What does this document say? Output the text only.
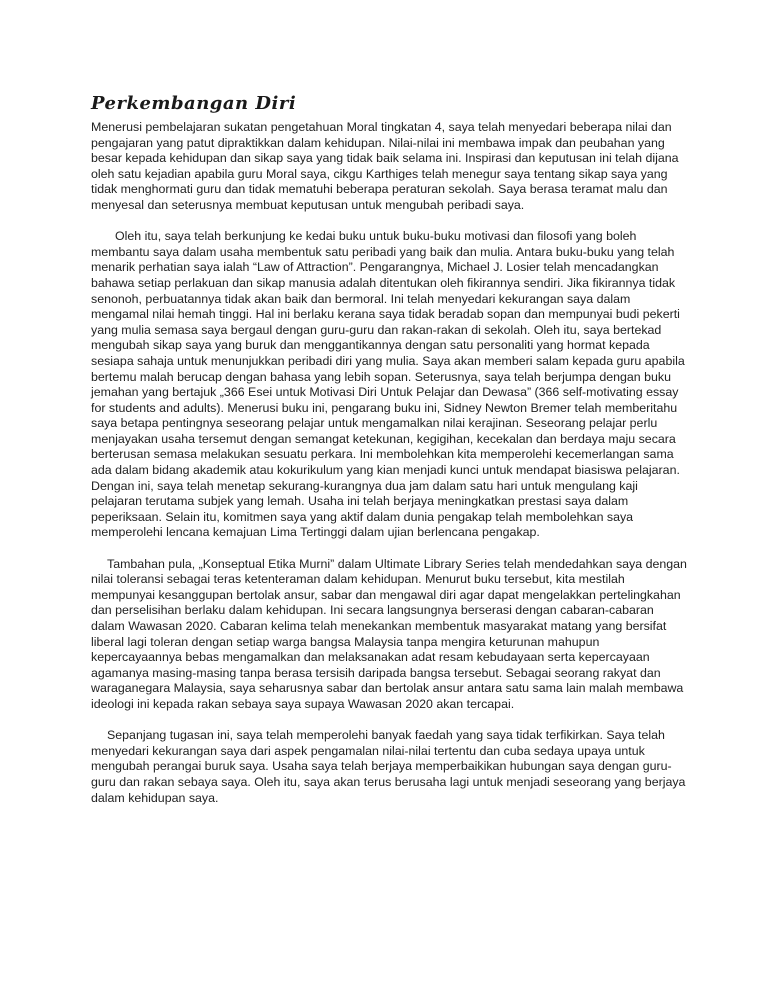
Perkembangan Diri

Menerusi pembelajaran sukatan pengetahuan Moral tingkatan 4, saya telah menyedari beberapa nilai dan pengajaran yang patut dipraktikkan dalam kehidupan. Nilai-nilai ini membawa impak dan peubahan yang besar kepada kehidupan dan sikap saya yang tidak baik selama ini. Inspirasi dan keputusan ini telah dijana oleh satu kejadian apabila guru Moral saya, cikgu Karthiges telah menegur saya tentang sikap saya yang tidak menghormati guru dan tidak mematuhi beberapa peraturan sekolah. Saya berasa teramat malu dan menyesal dan seterusnya membuat keputusan untuk mengubah peribadi saya.

Oleh itu, saya telah berkunjung ke kedai buku untuk buku-buku motivasi dan filosofi yang boleh membantu saya dalam usaha membentuk satu peribadi yang baik dan mulia. Antara buku-buku yang telah menarik perhatian saya ialah “Law of Attraction”. Pengarangnya, Michael J. Losier telah mencadangkan bahawa setiap perlakuan dan sikap manusia adalah ditentukan oleh fikirannya sendiri. Jika fikirannya tidak senonoh, perbuatannya tidak akan baik dan bermoral. Ini telah menyedari kekurangan saya dalam mengamal nilai hemah tinggi. Hal ini berlaku kerana saya tidak beradab sopan dan mempunyai budi pekerti yang mulia semasa saya bergaul dengan guru-guru dan rakan-rakan di sekolah. Oleh itu, saya bertekad mengubah sikap saya yang buruk dan menggantikannya dengan satu personaliti yang hormat kepada sesiapa sahaja untuk menunjukkan peribadi diri yang mulia. Saya akan memberi salam kepada guru apabila bertemu malah berucap dengan bahasa yang lebih sopan. Seterusnya, saya telah berjumpa dengan buku jemahan yang bertajuk „366 Esei untuk Motivasi Diri Untuk Pelajar dan Dewasa” (366 self-motivating essay for students and adults). Menerusi buku ini, pengarang buku ini, Sidney Newton Bremer telah memberitahu saya betapa pentingnya seseorang pelajar untuk mengamalkan nilai kerajinan. Seseorang pelajar perlu menjayakan usaha tersemut dengan semangat ketekunan, kegigihan, kecekalan dan berdaya maju secara berterusan semasa melakukan sesuatu perkara. Ini membolehkan kita memperolehi kecemerlangan sama ada dalam bidang akademik atau kokurikulum yang kian menjadi kunci untuk mendapat biasiswa pelajaran. Dengan ini, saya telah menetap sekurang-kurangnya dua jam dalam satu hari untuk mengulang kaji pelajaran terutama subjek yang lemah. Usaha ini telah berjaya meningkatkan prestasi saya dalam peperiksaan. Selain itu, komitmen saya yang aktif dalam dunia pengakap telah membolehkan saya memperolehi lencana kemajuan Lima Tertinggi dalam ujian berlencana pengakap.

Tambahan pula, „Konseptual Etika Murni” dalam Ultimate Library Series telah mendedahkan saya dengan nilai toleransi sebagai teras ketenteraman dalam kehidupan. Menurut buku tersebut, kita mestilah mempunyai kesanggupan bertolak ansur, sabar dan mengawal diri agar dapat mengelakkan pertelingkahan dan perselisihan berlaku dalam kehidupan. Ini secara langsungnya berserasi dengan cabaran-cabaran dalam Wawasan 2020. Cabaran kelima telah menekankan membentuk masyarakat matang yang bersifat liberal lagi toleran dengan setiap warga bangsa Malaysia tanpa mengira keturunan mahupun kepercayaannya bebas mengamalkan dan melaksanakan adat resam kebudayaan serta kepercayaan agamanya masing-masing tanpa berasa tersisih daripada bangsa tersebut. Sebagai seorang rakyat dan waraganegara Malaysia, saya seharusnya sabar dan bertolak ansur antara satu sama lain malah membawa ideologi ini kepada rakan sebaya saya supaya Wawasan 2020 akan tercapai.

Sepanjang tugasan ini, saya telah memperolehi banyak faedah yang saya tidak terfikirkan. Saya telah menyedari kekurangan saya dari aspek pengamalan nilai-nilai tertentu dan cuba sedaya upaya untuk mengubah perangai buruk saya. Usaha saya telah berjaya memperbaikikan hubungan saya dengan guru-guru dan rakan sebaya saya. Oleh itu, saya akan terus berusaha lagi untuk menjadi seseorang yang berjaya dalam kehidupan saya.
